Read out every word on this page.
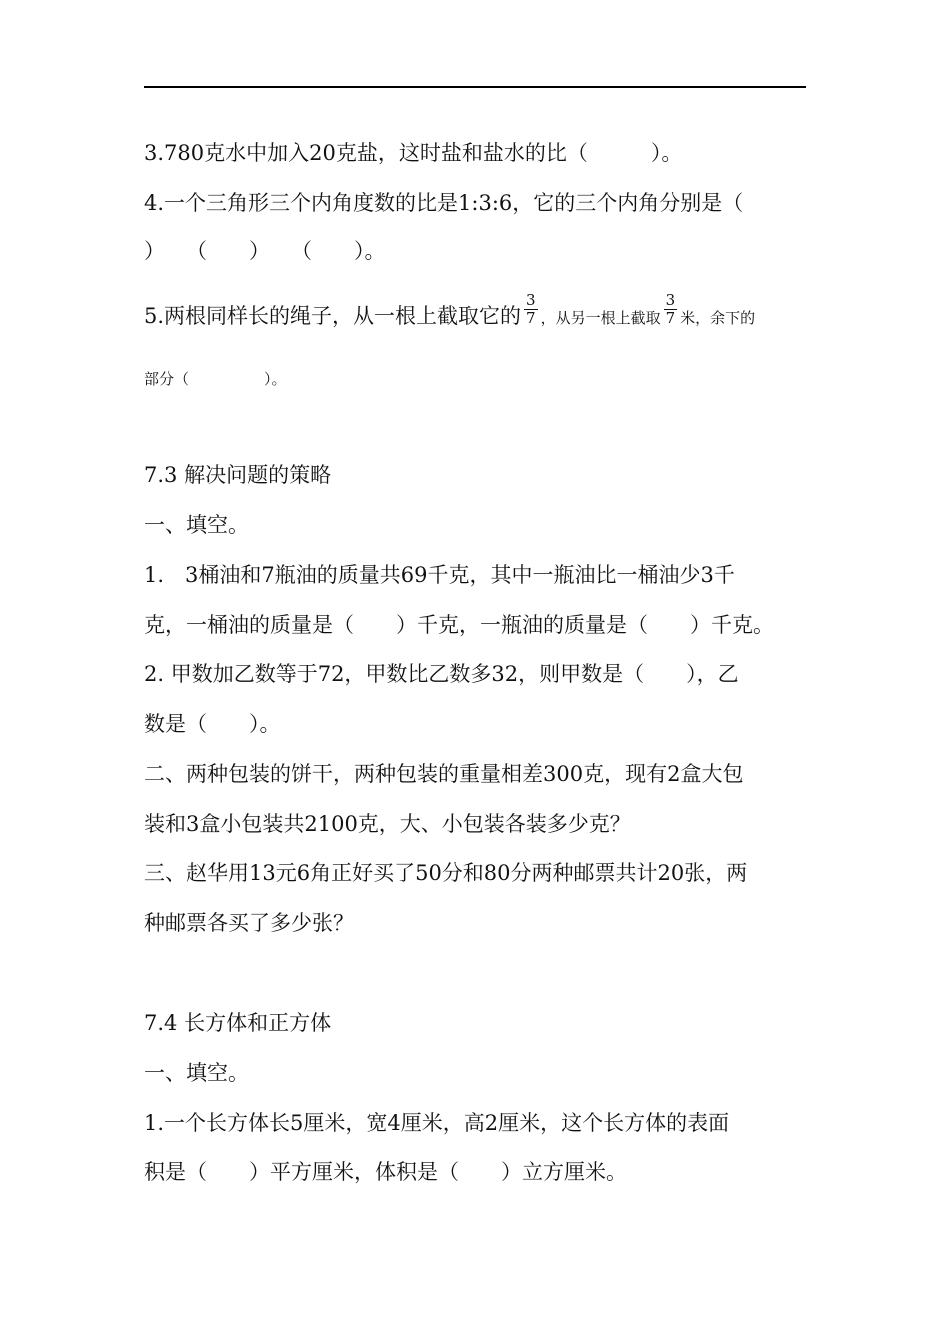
3.780克水中加入20克盐，这时盐和盐水的比（　　　）。
4.一个三角形三个内角度数的比是1:3:6，它的三个内角分别是（
）　　（　　）　　（　　）。
5.两根同样长的绳子，从一根上截取它的 $\frac{3}{7}$ ，从另一根上截取 $\frac{3}{7}$ 米，余下的
部分（　　　　　）。
7.3 解决问题的策略
一、填空。
1.　3桶油和7瓶油的质量共69千克，其中一瓶油比一桶油少3千
克，一桶油的质量是（　　）千克，一瓶油的质量是（　　）千克。
2. 甲数加乙数等于72，甲数比乙数多32，则甲数是（　　），乙
数是（　　）。
二、两种包装的饼干，两种包装的重量相差300克，现有2盒大包
装和3盒小包装共2100克，大、小包装各装多少克？
三、赵华用13元6角正好买了50分和80分两种邮票共计20张，两
种邮票各买了多少张？
7.4 长方体和正方体
一、填空。
1.一个长方体长5厘米，宽4厘米，高2厘米，这个长方体的表面
积是（　　）平方厘米，体积是（　　）立方厘米。
